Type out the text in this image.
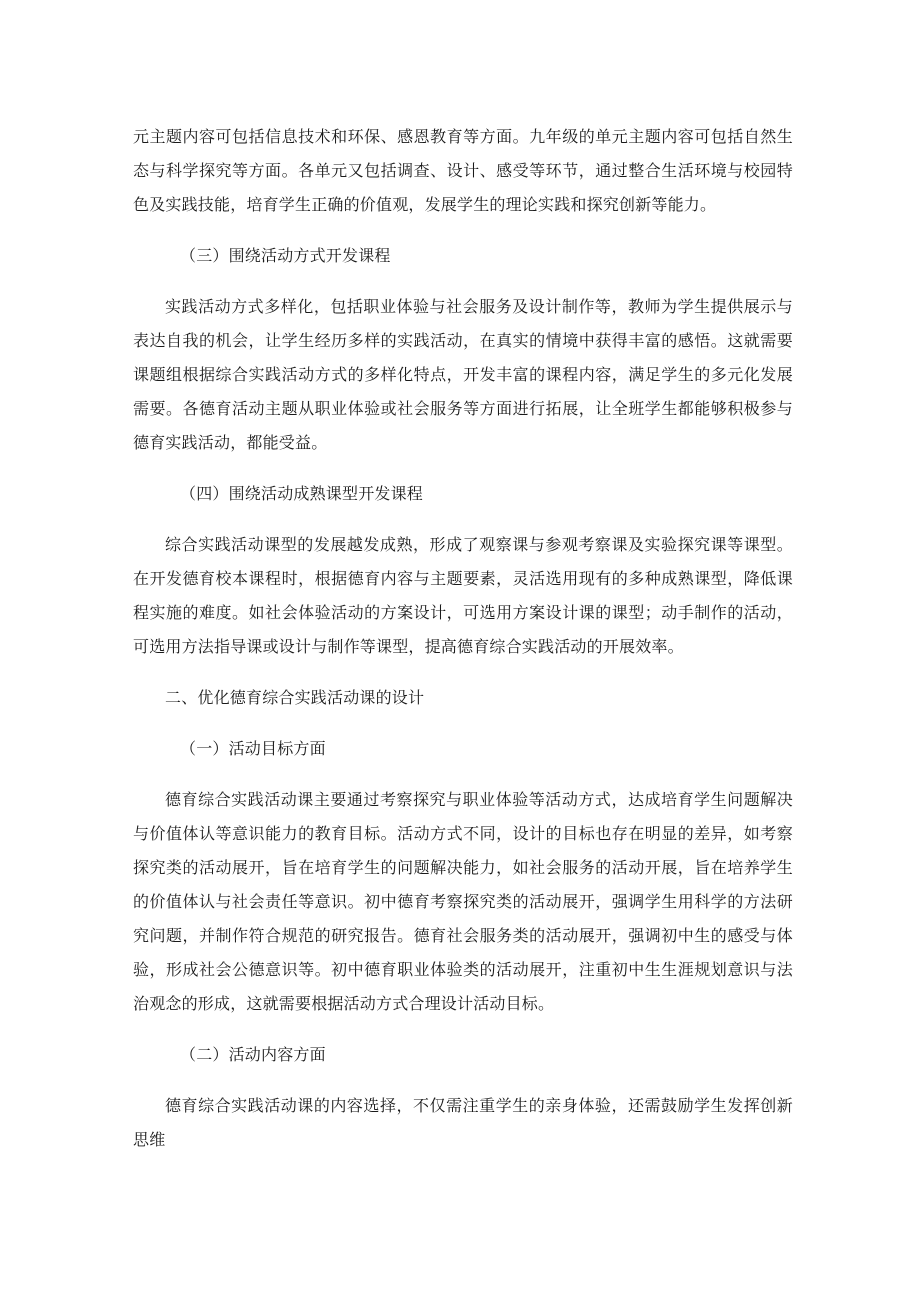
元主题内容可包括信息技术和环保、感恩教育等方面。九年级的单元主题内容可包括自然生态与科学探究等方面。各单元又包括调查、设计、感受等环节，通过整合生活环境与校园特色及实践技能，培育学生正确的价值观，发展学生的理论实践和探究创新等能力。

（三）围绕活动方式开发课程

实践活动方式多样化，包括职业体验与社会服务及设计制作等，教师为学生提供展示与表达自我的机会，让学生经历多样的实践活动，在真实的情境中获得丰富的感悟。这就需要课题组根据综合实践活动方式的多样化特点，开发丰富的课程内容，满足学生的多元化发展需要。各德育活动主题从职业体验或社会服务等方面进行拓展，让全班学生都能够积极参与德育实践活动，都能受益。

（四）围绕活动成熟课型开发课程

综合实践活动课型的发展越发成熟，形成了观察课与参观考察课及实验探究课等课型。在开发德育校本课程时，根据德育内容与主题要素，灵活选用现有的多种成熟课型，降低课程实施的难度。如社会体验活动的方案设计，可选用方案设计课的课型；动手制作的活动，可选用方法指导课或设计与制作等课型，提高德育综合实践活动的开展效率。

二、优化德育综合实践活动课的设计

（一）活动目标方面

德育综合实践活动课主要通过考察探究与职业体验等活动方式，达成培育学生问题解决与价值体认等意识能力的教育目标。活动方式不同，设计的目标也存在明显的差异，如考察探究类的活动展开，旨在培育学生的问题解决能力，如社会服务的活动开展，旨在培养学生的价值体认与社会责任等意识。初中德育考察探究类的活动展开，强调学生用科学的方法研究问题，并制作符合规范的研究报告。德育社会服务类的活动展开，强调初中生的感受与体验，形成社会公德意识等。初中德育职业体验类的活动展开，注重初中生生涯规划意识与法治观念的形成，这就需要根据活动方式合理设计活动目标。

（二）活动内容方面

德育综合实践活动课的内容选择，不仅需注重学生的亲身体验，还需鼓励学生发挥创新思维
